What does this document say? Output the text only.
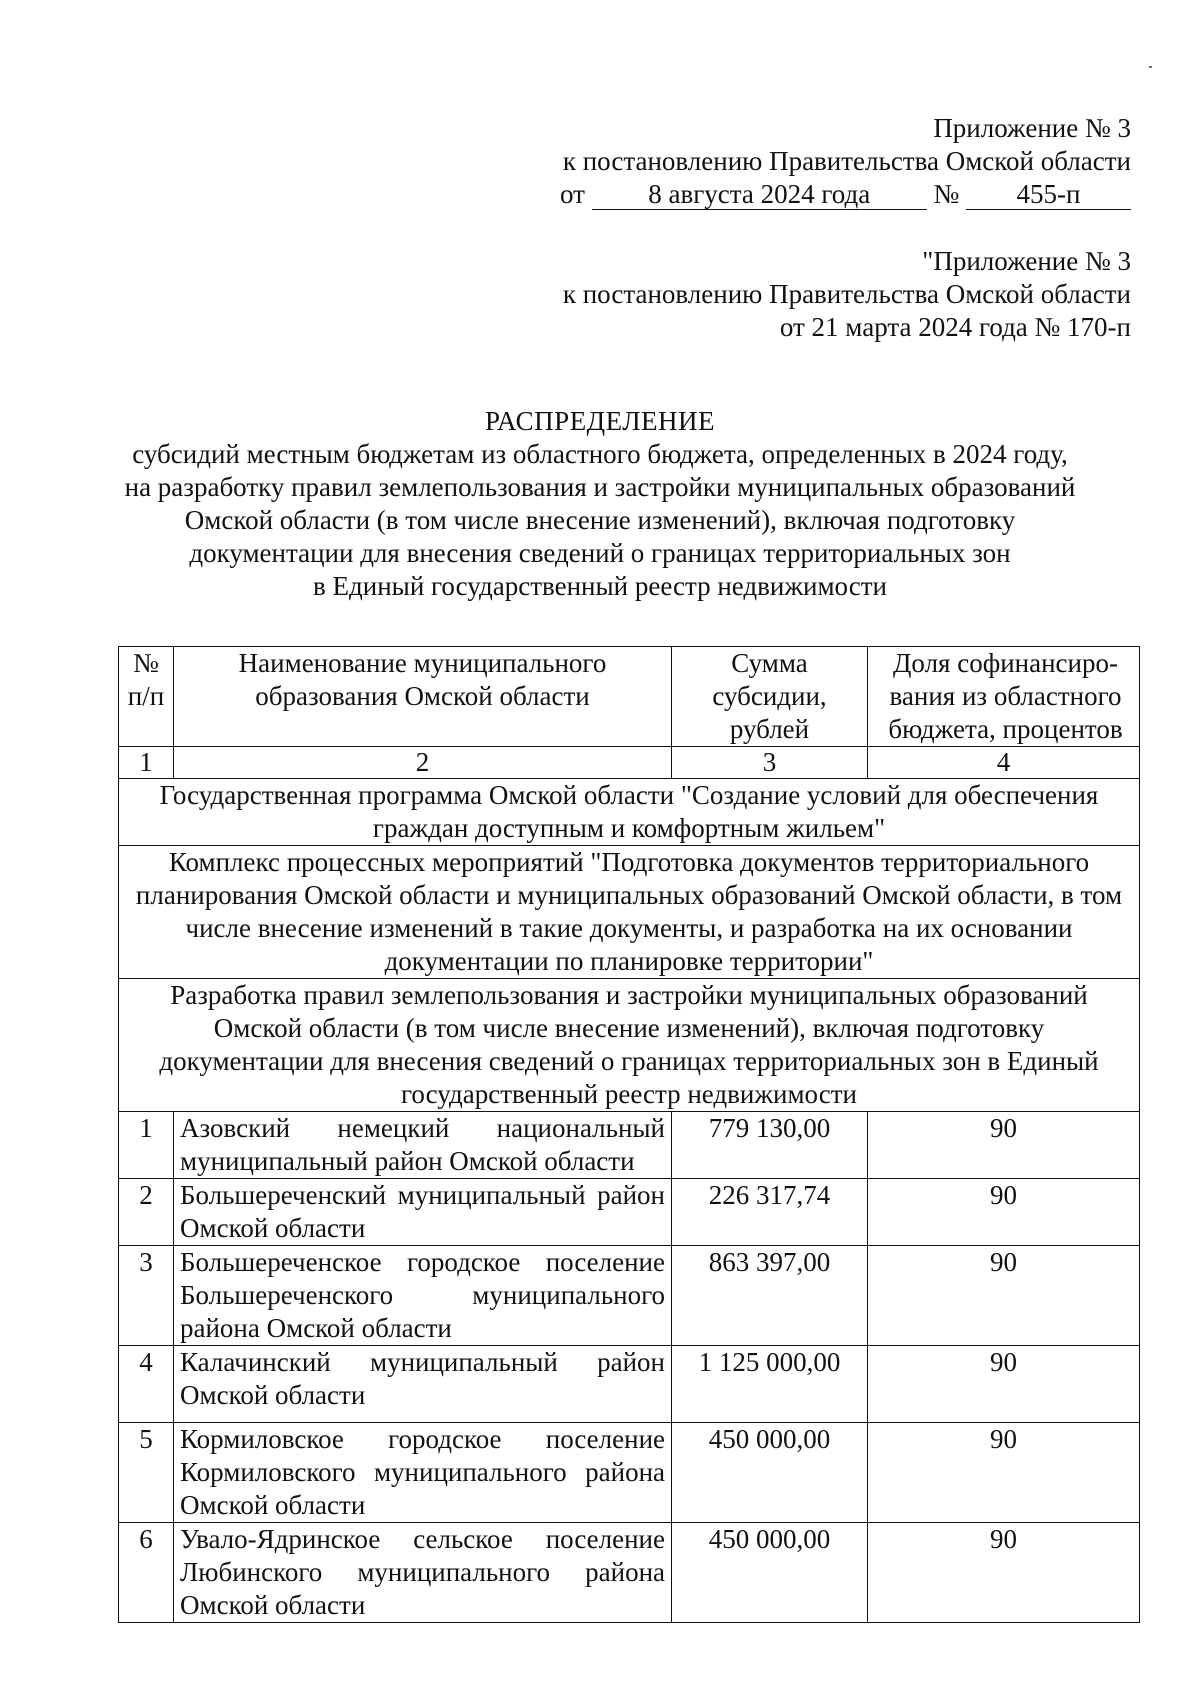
Приложение № 3
к постановлению Правительства Омской области
от 8 августа 2024 года № 455-п
"Приложение № 3
к постановлению Правительства Омской области
от 21 марта 2024 года № 170-п
РАСПРЕДЕЛЕНИЕ
субсидий местным бюджетам из областного бюджета, определенных в 2024 году,
на разработку правил землепользования и застройки муниципальных образований
Омской области (в том числе внесение изменений), включая подготовку
документации для внесения сведений о границах территориальных зон
в Единый государственный реестр недвижимости
№ п/п	Наименование муниципального образования Омской области	Сумма субсидии, рублей	Доля софинансиро-вания из областного бюджета, процентов
1	2	3	4
Государственная программа Омской области "Создание условий для обеспечения граждан доступным и комфортным жильем"			
Комплекс процессных мероприятий "Подготовка документов территориального планирования Омской области и муниципальных образований Омской области, в том числе внесение изменений в такие документы, и разработка на их основании документации по планировке территории"			
Разработка правил землепользования и застройки муниципальных образований Омской области (в том числе внесение изменений), включая подготовку документации для внесения сведений о границах территориальных зон в Единый государственный реестр недвижимости			
1	Азовский немецкий национальный муниципальный район Омской области	779 130,00	90
2	Большереченский муниципальный район Омской области	226 317,74	90
3	Большереченское городское поселение Большереченского муниципального района Омской области	863 397,00	90
4	Калачинский муниципальный район Омской области	1 125 000,00	90
5	Кормиловское городское поселение Кормиловского муниципального района Омской области	450 000,00	90
6	Увало-Ядринское сельское поселение Любинского муниципального района Омской области	450 000,00	90
